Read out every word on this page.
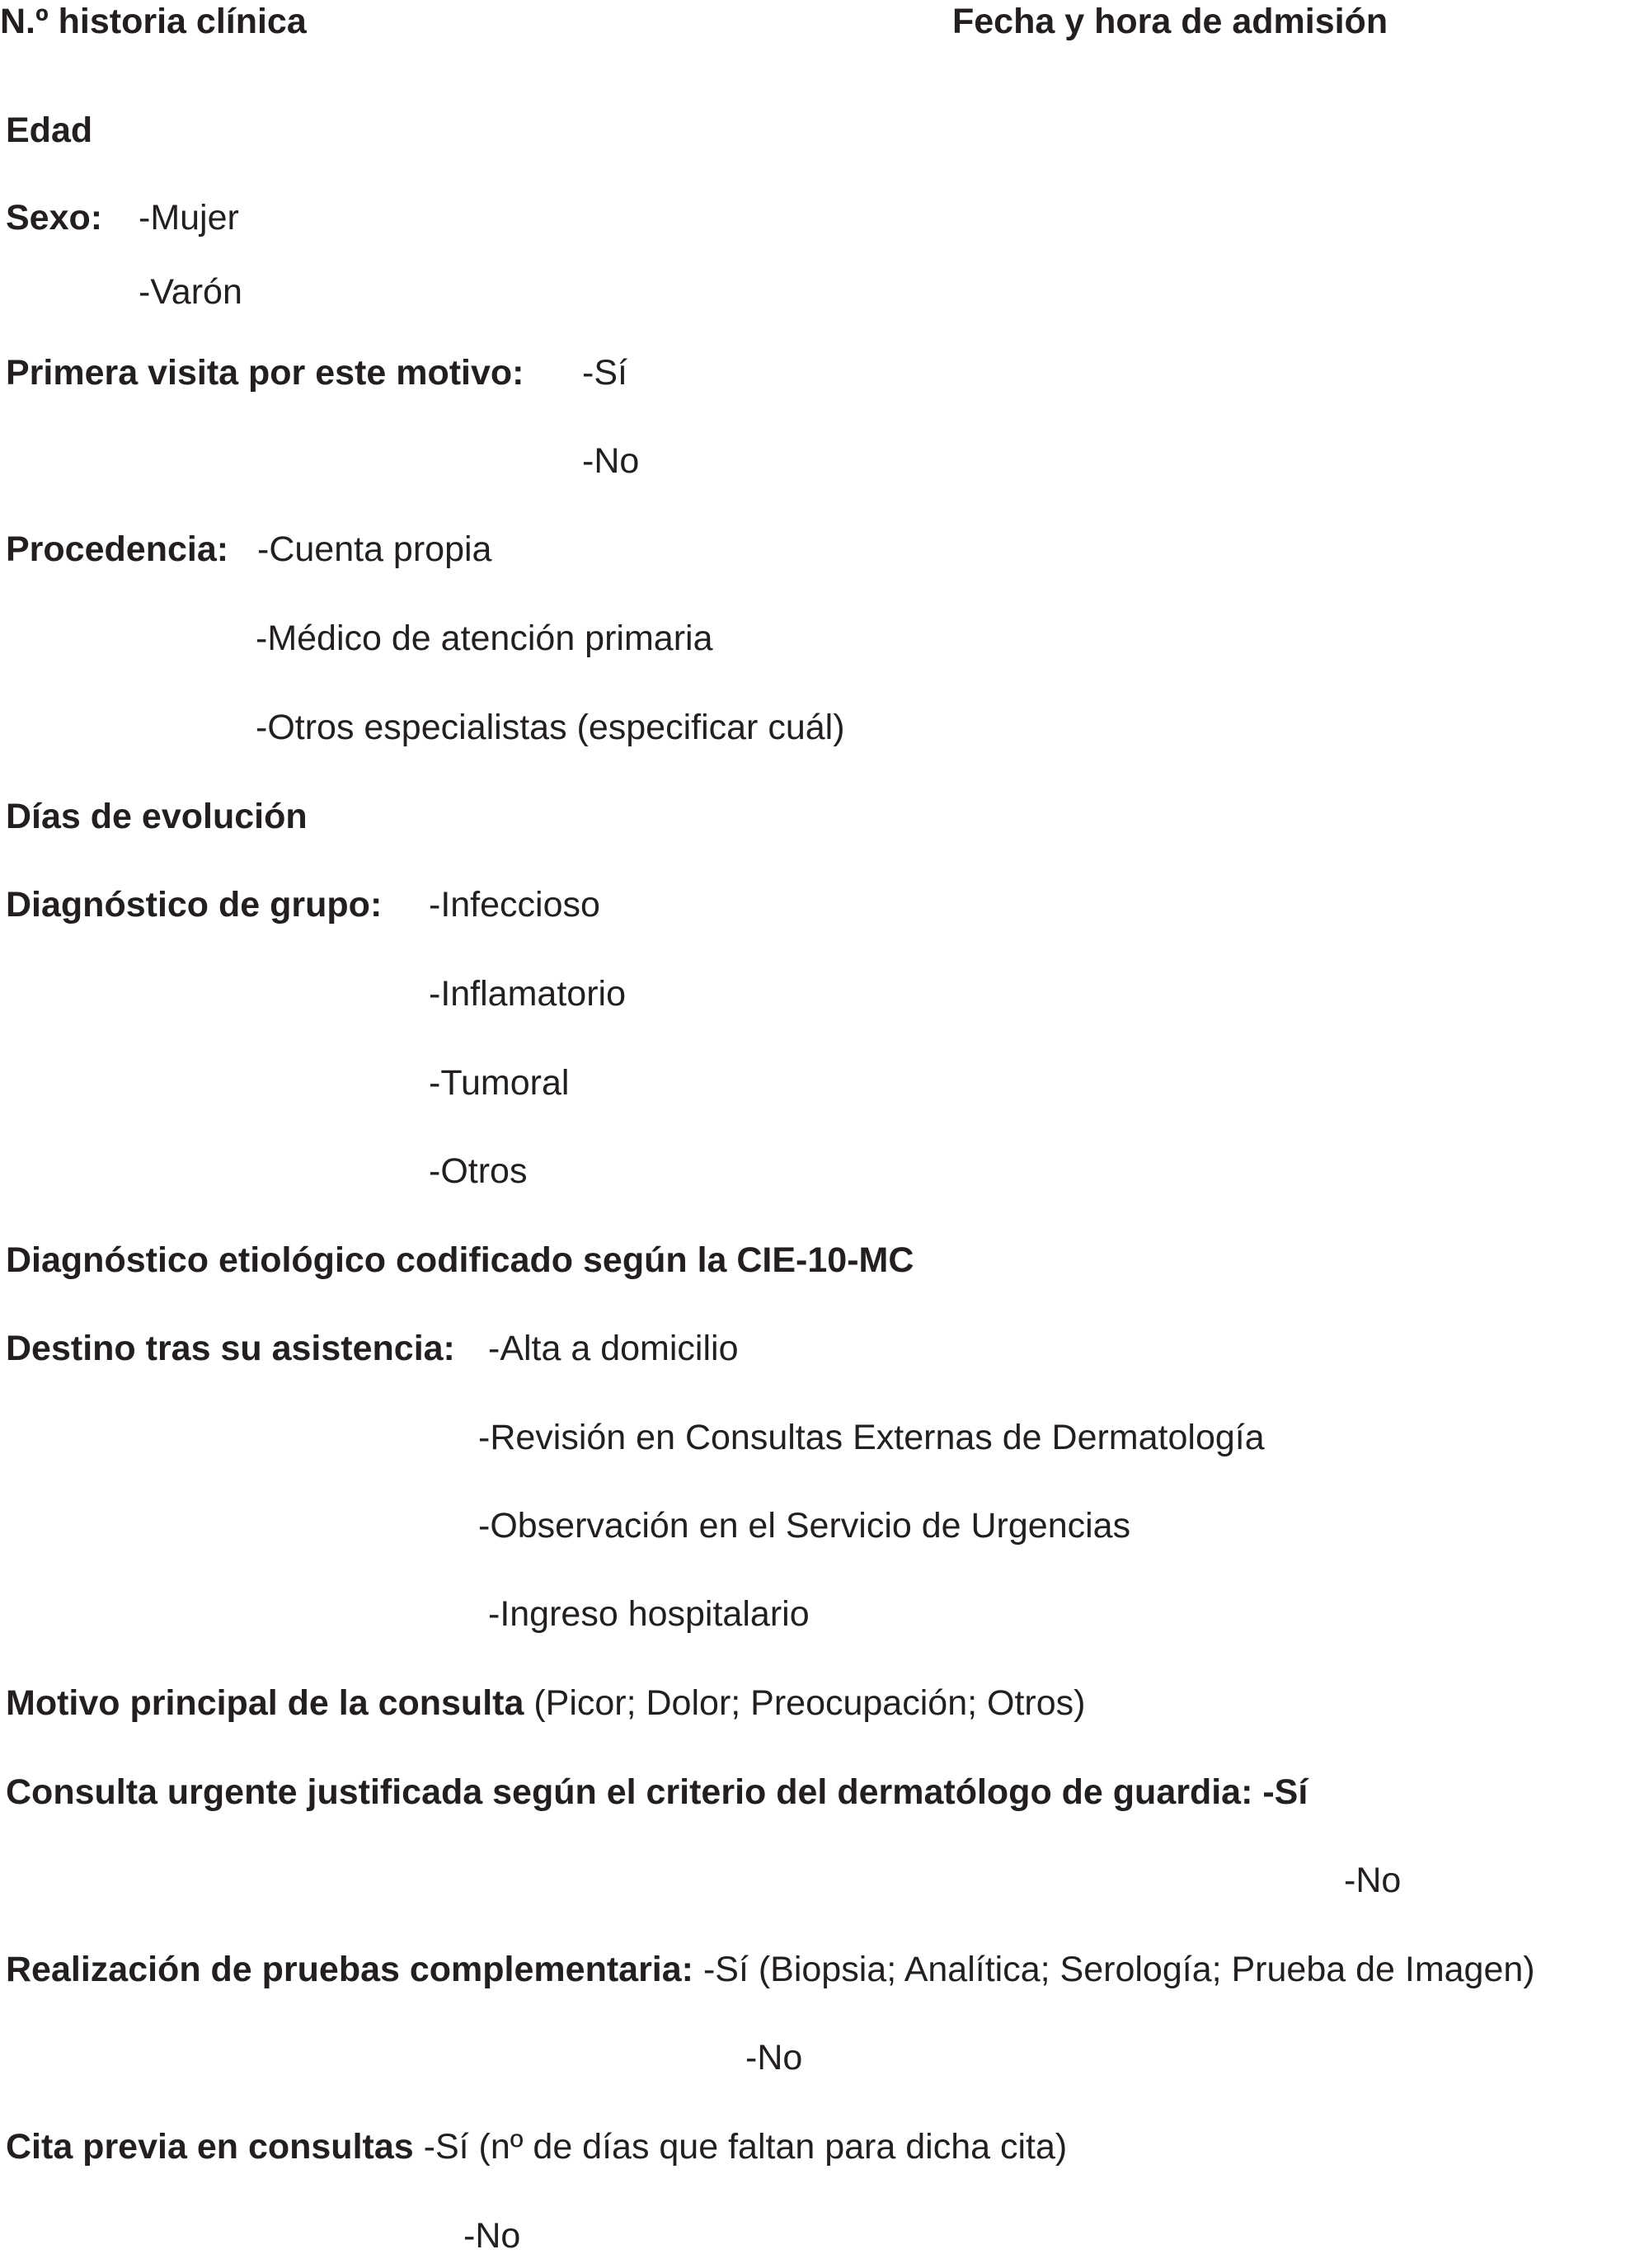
N.º historia clínica	Fecha y hora de admisión
Edad
Sexo: -Mujer
-Varón
Primera visita por este motivo: -Sí
-No
Procedencia: -Cuenta propia
-Médico de atención primaria
-Otros especialistas (especificar cuál)
Días de evolución
Diagnóstico de grupo: -Infeccioso
-Inflamatorio
-Tumoral
-Otros
Diagnóstico etiológico codificado según la CIE-10-MC
Destino tras su asistencia: -Alta a domicilio
-Revisión en Consultas Externas de Dermatología
-Observación en el Servicio de Urgencias
-Ingreso hospitalario
Motivo principal de la consulta (Picor; Dolor; Preocupación; Otros)
Consulta urgente justificada según el criterio del dermatólogo de guardia: -Sí
-No
Realización de pruebas complementaria: -Sí (Biopsia; Analítica; Serología; Prueba de Imagen)
-No
Cita previa en consultas -Sí (nº de días que faltan para dicha cita)
-No
